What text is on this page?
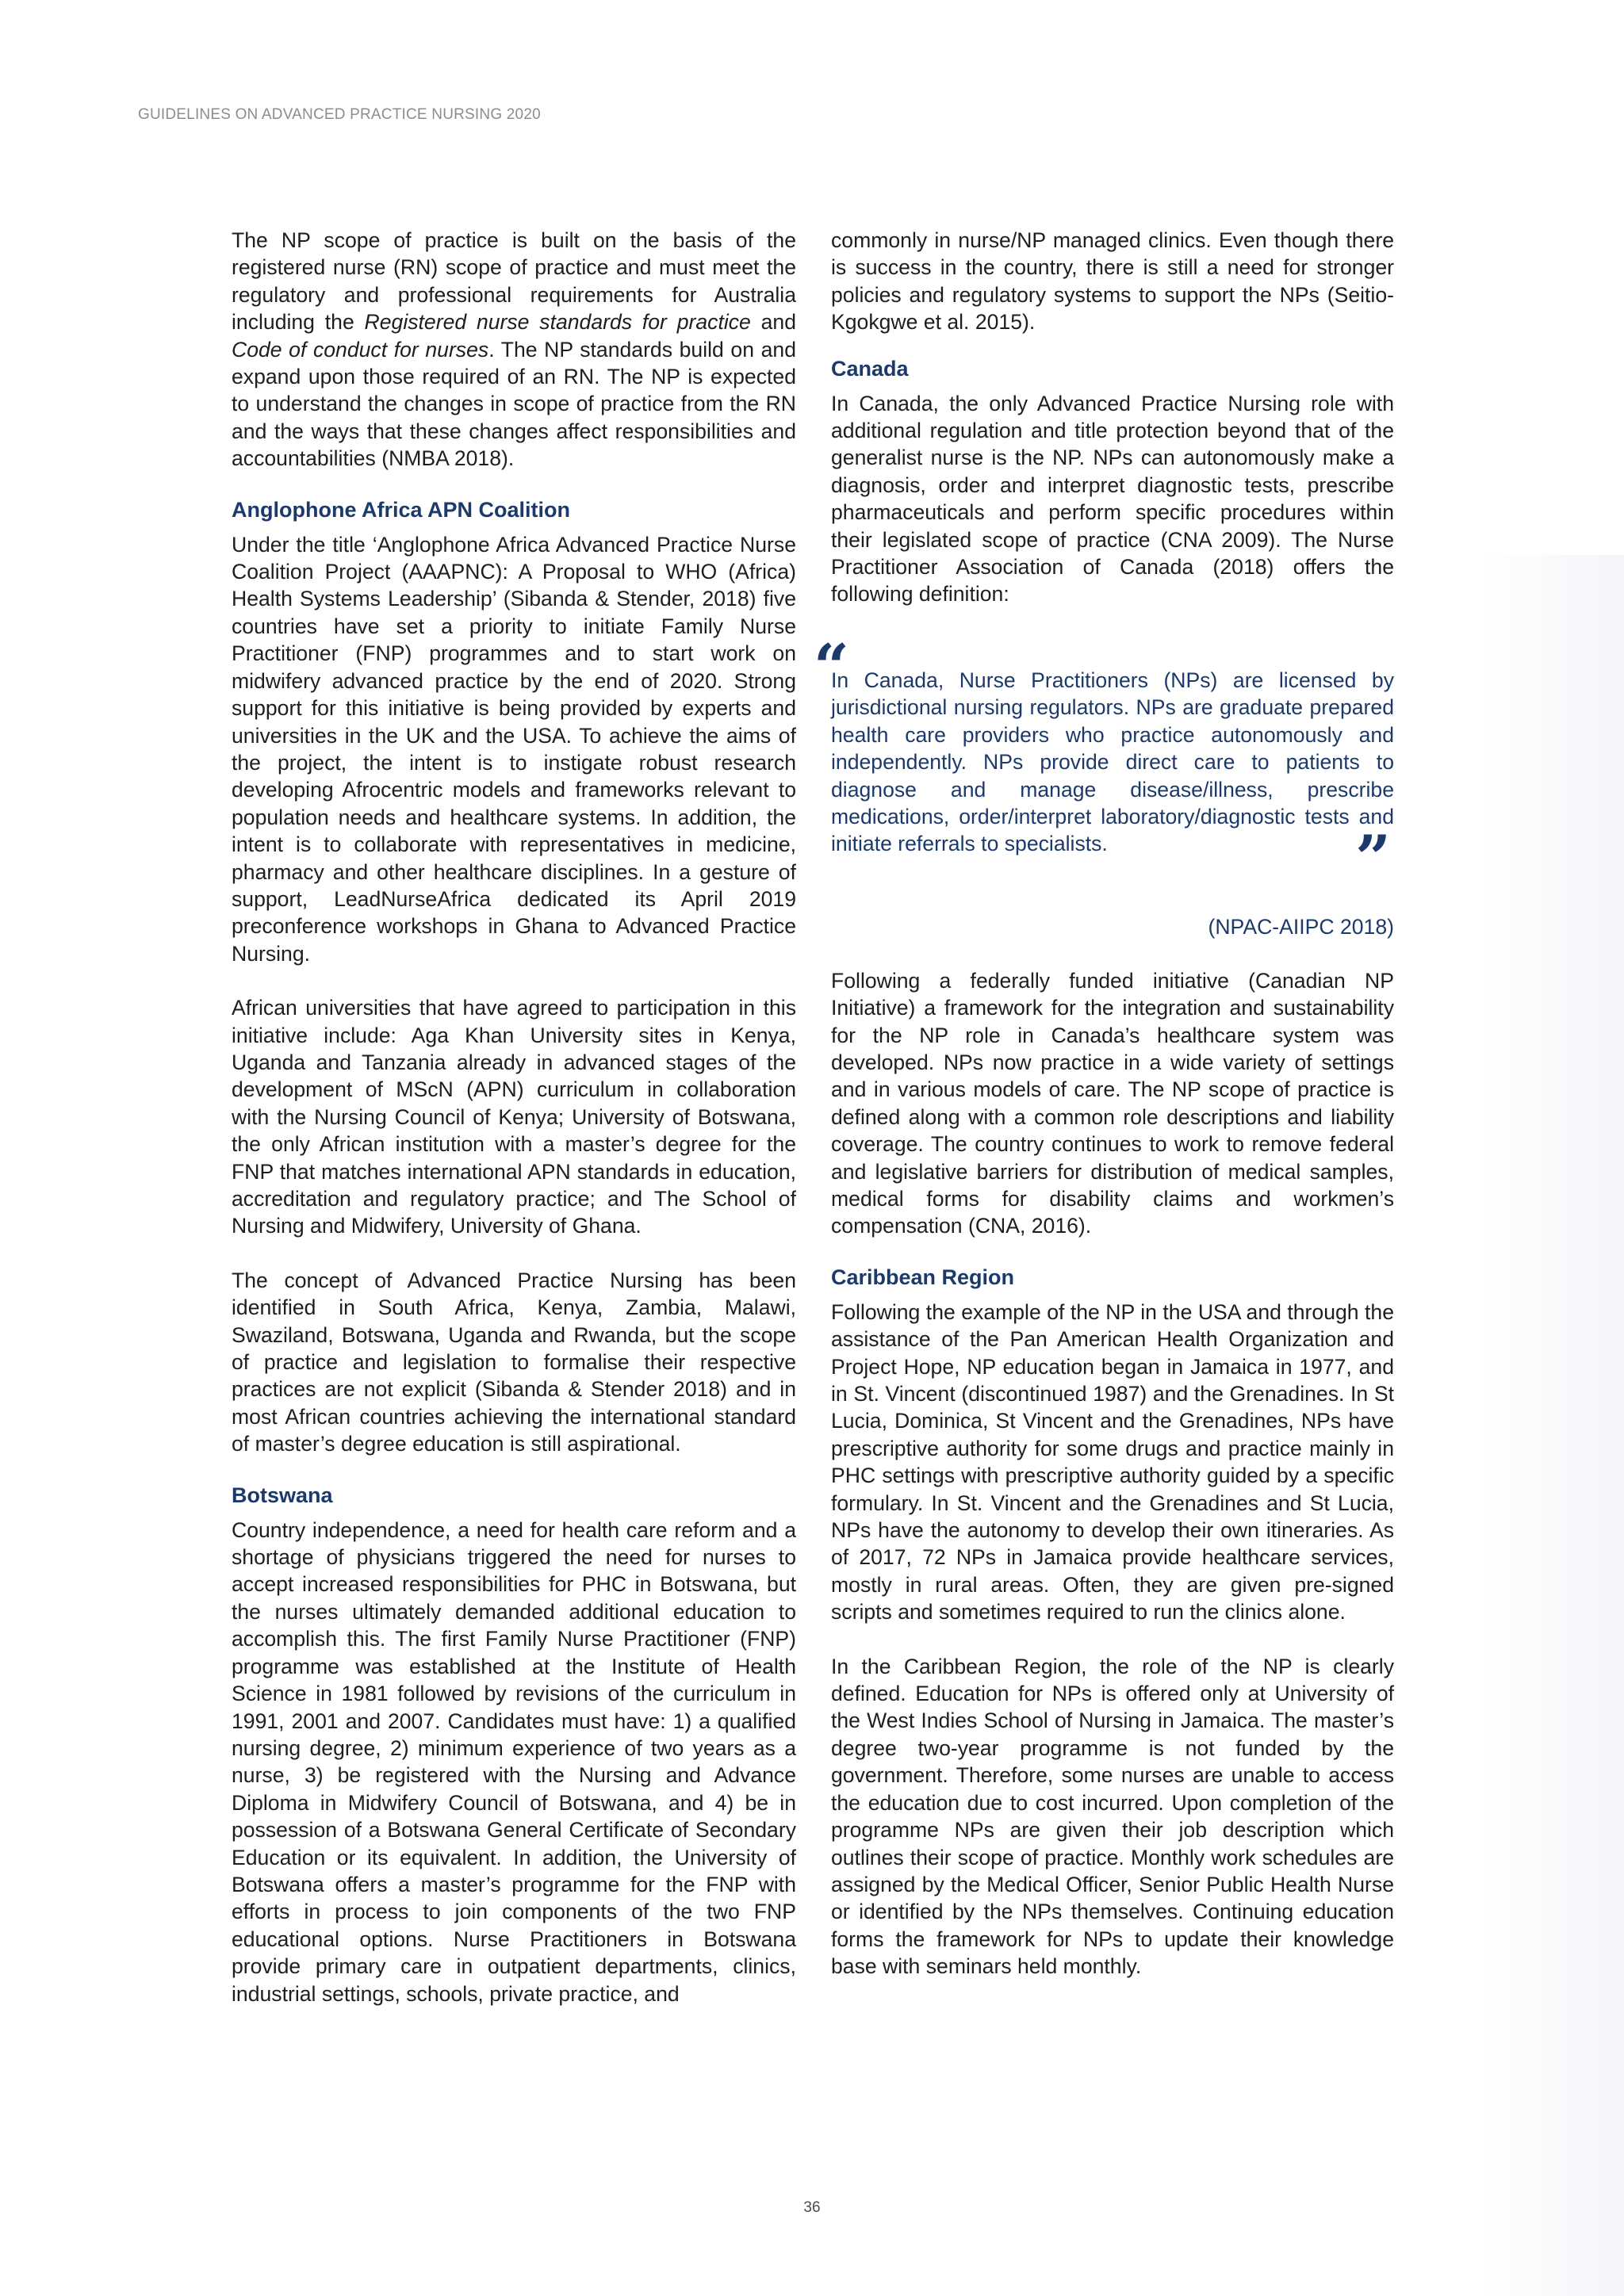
GUIDELINES ON ADVANCED PRACTICE NURSING 2020

The NP scope of practice is built on the basis of the registered nurse (RN) scope of practice and must meet the regulatory and professional requirements for Australia including the Registered nurse standards for practice and Code of conduct for nurses. The NP standards build on and expand upon those required of an RN. The NP is expected to understand the changes in scope of practice from the RN and the ways that these changes affect responsibilities and accountabilities (NMBA 2018).

Anglophone Africa APN Coalition

Under the title ‘Anglophone Africa Advanced Practice Nurse Coalition Project (AAAPNC): A Proposal to WHO (Africa) Health Systems Leadership’ (Sibanda & Stender, 2018) five countries have set a priority to initiate Family Nurse Practitioner (FNP) programmes and to start work on midwifery advanced practice by the end of 2020. Strong support for this initiative is being provided by experts and universities in the UK and the USA. To achieve the aims of the project, the intent is to instigate robust research developing Afrocentric models and frameworks relevant to population needs and healthcare systems. In addition, the intent is to collaborate with representatives in medicine, pharmacy and other healthcare disciplines. In a gesture of support, LeadNurseAfrica dedicated its April 2019 preconference workshops in Ghana to Advanced Practice Nursing.

African universities that have agreed to participation in this initiative include: Aga Khan University sites in Kenya, Uganda and Tanzania already in advanced stages of the development of MScN (APN) curriculum in collaboration with the Nursing Council of Kenya; University of Botswana, the only African institution with a master’s degree for the FNP that matches international APN standards in education, accreditation and regulatory practice; and The School of Nursing and Midwifery, University of Ghana.

The concept of Advanced Practice Nursing has been identified in South Africa, Kenya, Zambia, Malawi, Swaziland, Botswana, Uganda and Rwanda, but the scope of practice and legislation to formalise their respective practices are not explicit (Sibanda & Stender 2018) and in most African countries achieving the international standard of master’s degree education is still aspirational.

Botswana

Country independence, a need for health care reform and a shortage of physicians triggered the need for nurses to accept increased responsibilities for PHC in Botswana, but the nurses ultimately demanded additional education to accomplish this. The first Family Nurse Practitioner (FNP) programme was established at the Institute of Health Science in 1981 followed by revisions of the curriculum in 1991, 2001 and 2007. Candidates must have: 1) a qualified nursing degree, 2) minimum experience of two years as a nurse, 3) be registered with the Nursing and Advance Diploma in Midwifery Council of Botswana, and 4) be in possession of a Botswana General Certificate of Secondary Education or its equivalent. In addition, the University of Botswana offers a master’s programme for the FNP with efforts in process to join components of the two FNP educational options. Nurse Practitioners in Botswana provide primary care in outpatient departments, clinics, industrial settings, schools, private practice, and

commonly in nurse/NP managed clinics. Even though there is success in the country, there is still a need for stronger policies and regulatory systems to support the NPs (Seitio-Kgokgwe et al. 2015).

Canada

In Canada, the only Advanced Practice Nursing role with additional regulation and title protection beyond that of the generalist nurse is the NP. NPs can autonomously make a diagnosis, order and interpret diagnostic tests, prescribe pharmaceuticals and perform specific procedures within their legislated scope of practice (CNA 2009). The Nurse Practitioner Association of Canada (2018) offers the following definition:

“
In Canada, Nurse Practitioners (NPs) are licensed by jurisdictional nursing regulators. NPs are graduate prepared health care providers who practice autonomously and independently. NPs provide direct care to patients to diagnose and manage disease/illness, prescribe medications, order/interpret laboratory/diagnostic tests and initiate referrals to specialists.	”
(NPAC-AIIPC 2018)

Following a federally funded initiative (Canadian NP Initiative) a framework for the integration and sustainability for the NP role in Canada’s healthcare system was developed. NPs now practice in a wide variety of settings and in various models of care. The NP scope of practice is defined along with a common role descriptions and liability coverage. The country continues to work to remove federal and legislative barriers for distribution of medical samples, medical forms for disability claims and workmen’s compensation (CNA, 2016).

Caribbean Region

Following the example of the NP in the USA and through the assistance of the Pan American Health Organization and Project Hope, NP education began in Jamaica in 1977, and in St. Vincent (discontinued 1987) and the Grenadines. In St Lucia, Dominica, St Vincent and the Grenadines, NPs have prescriptive authority for some drugs and practice mainly in PHC settings with prescriptive authority guided by a specific formulary. In St. Vincent and the Grenadines and St Lucia, NPs have the autonomy to develop their own itineraries. As of 2017, 72 NPs in Jamaica provide healthcare services, mostly in rural areas. Often, they are given pre-signed scripts and sometimes required to run the clinics alone.

In the Caribbean Region, the role of the NP is clearly defined. Education for NPs is offered only at University of the West Indies School of Nursing in Jamaica. The master’s degree two-year programme is not funded by the government. Therefore, some nurses are unable to access the education due to cost incurred. Upon completion of the programme NPs are given their job description which outlines their scope of practice. Monthly work schedules are assigned by the Medical Officer, Senior Public Health Nurse or identified by the NPs themselves. Continuing education forms the framework for NPs to update their knowledge base with seminars held monthly.

36
